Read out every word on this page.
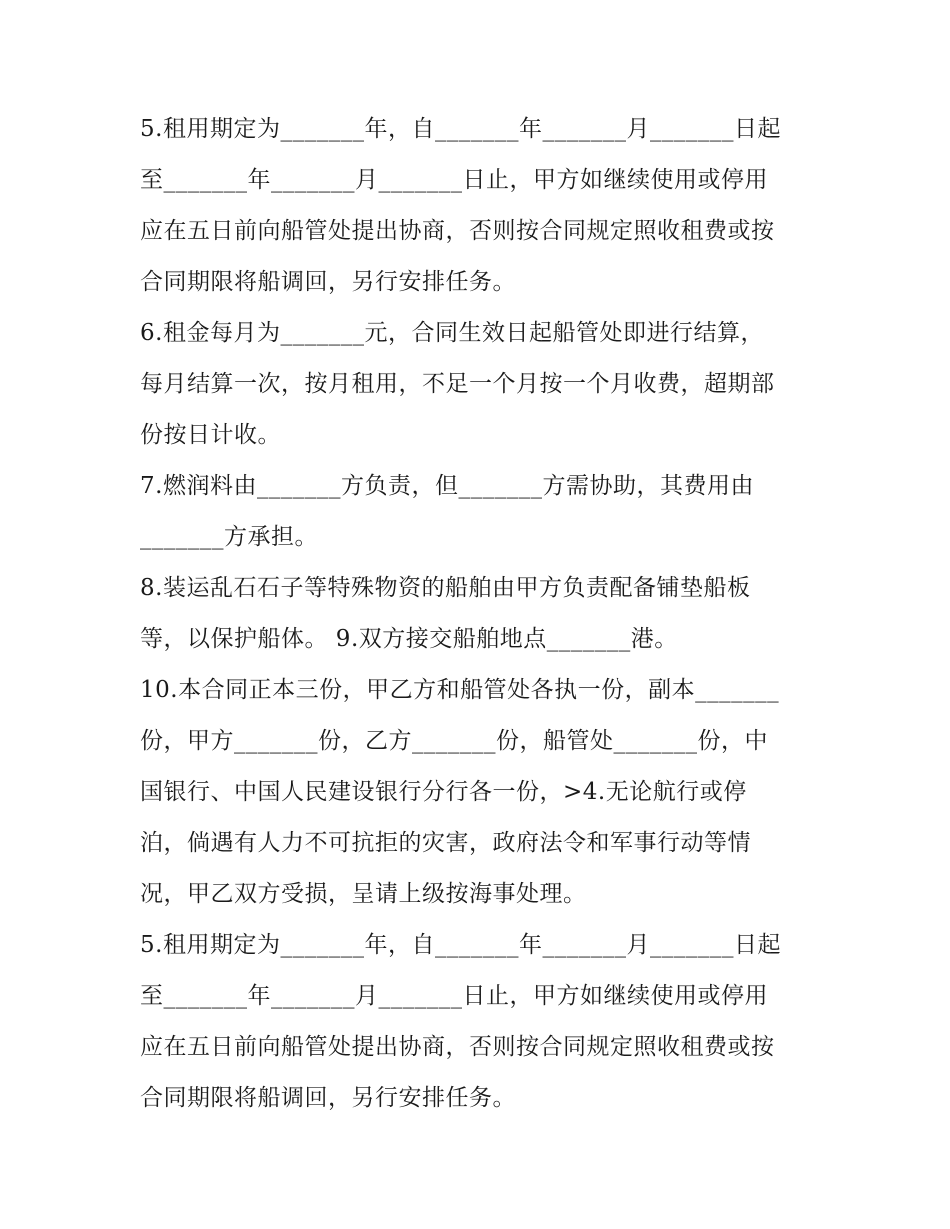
5.租用期定为_______年，自_______年_______月_______日起
至_______年_______月_______日止，甲方如继续使用或停用
应在五日前向船管处提出协商，否则按合同规定照收租费或按
合同期限将船调回，另行安排任务。
6.租金每月为_______元，合同生效日起船管处即进行结算，
每月结算一次，按月租用，不足一个月按一个月收费，超期部
份按日计收。
7.燃润料由_______方负责，但_______方需协助，其费用由
_______方承担。
8.装运乱石石子等特殊物资的船舶由甲方负责配备铺垫船板
等，以保护船体。 9.双方接交船舶地点_______港。
10.本合同正本三份，甲乙方和船管处各执一份，副本_______
份，甲方_______份，乙方_______份，船管处_______份，中
国银行、中国人民建设银行分行各一份，>4.无论航行或停
泊，倘遇有人力不可抗拒的灾害，政府法令和军事行动等情
况，甲乙双方受损，呈请上级按海事处理。
5.租用期定为_______年，自_______年_______月_______日起
至_______年_______月_______日止，甲方如继续使用或停用
应在五日前向船管处提出协商，否则按合同规定照收租费或按
合同期限将船调回，另行安排任务。
